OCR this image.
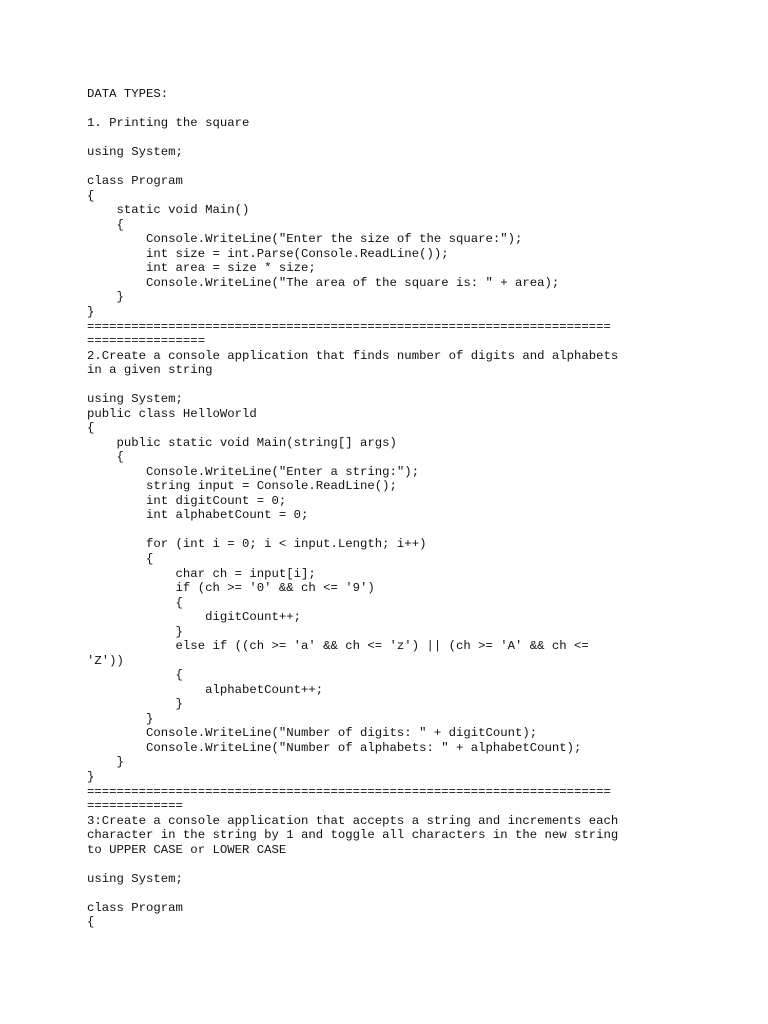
DATA TYPES:
1. Printing the square
using System;
class Program
{
static void Main()
{
Console.WriteLine("Enter the size of the square:");
int size = int.Parse(Console.ReadLine());
int area = size * size;
Console.WriteLine("The area of the square is: " + area);
}
}
=======================================================================
================
2.Create a console application that finds number of digits and alphabets
in a given string
using System;
public class HelloWorld
{
public static void Main(string[] args)
{
Console.WriteLine("Enter a string:");
string input = Console.ReadLine();
int digitCount = 0;
int alphabetCount = 0;
for (int i = 0; i < input.Length; i++)
{
char ch = input[i];
if (ch >= '0' && ch <= '9')
{
digitCount++;
}
else if ((ch >= 'a' && ch <= 'z') || (ch >= 'A' && ch <=
'Z'))
{
alphabetCount++;
}
}
Console.WriteLine("Number of digits: " + digitCount);
Console.WriteLine("Number of alphabets: " + alphabetCount);
}
}
=======================================================================
=============
3:Create a console application that accepts a string and increments each
character in the string by 1 and toggle all characters in the new string
to UPPER CASE or LOWER CASE
using System;
class Program
{
